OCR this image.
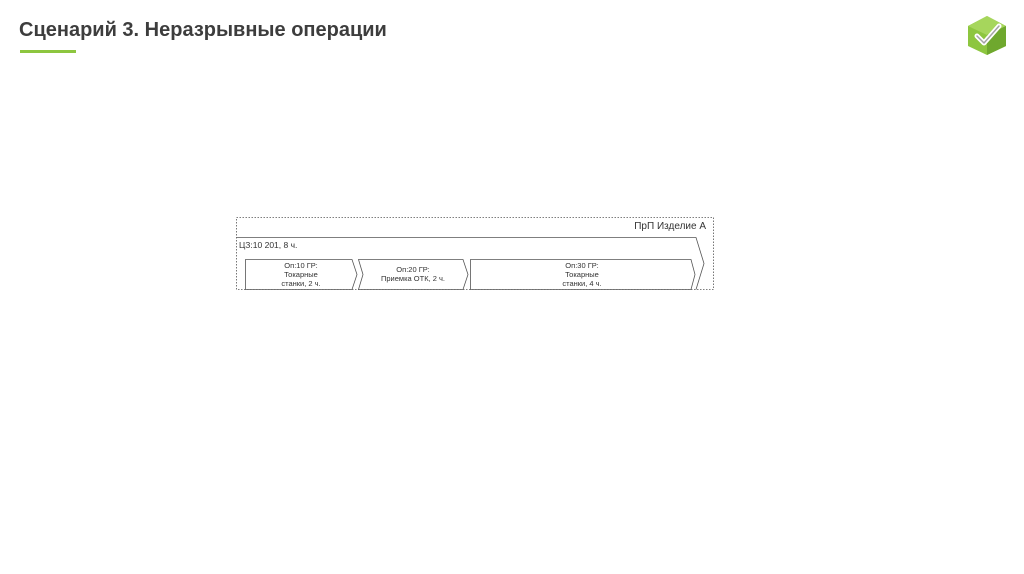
Сценарий 3. Неразрывные операции
ПрП Изделие А
ЦЗ:10 201, 8 ч.
Оп:10 ГР:
Токарные
станки, 2 ч.
Оп:20 ГР:
Приемка ОТК, 2 ч.
Оп:30 ГР:
Токарные
станки, 4 ч.
